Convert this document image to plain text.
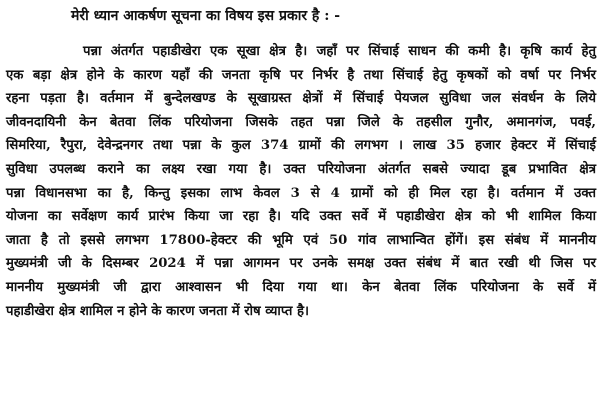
मेरी ध्यान आकर्षण सूचना का विषय इस प्रकार है : -
पन्ना अंतर्गत पहाडीखेरा एक सूखा क्षेत्र है। जहाँ पर सिंचाई साधन की कमी है। कृषि कार्य हेतु
एक बड़ा क्षेत्र होने के कारण यहाँ की जनता कृषि पर निर्भर है तथा सिंचाई हेतु कृषकों को वर्षा पर निर्भर
रहना पड़ता है। वर्तमान में बुन्देलखण्ड के सूखाग्रस्त क्षेत्रों में सिंचाई पेयजल सुविधा जल संवर्धन के लिये
जीवनदायिनी केन बेतवा लिंक परियोजना जिसके तहत पन्ना जिले के तहसील गुनौर, अमानगंज, पवई,
सिमरिया, रैपुरा, देवेन्द्रनगर तथा पन्ना के कुल 374 ग्रामों की लगभग । लाख 35 हजार हेक्टर में सिंचाई
सुविधा उपलब्ध कराने का लक्ष्य रखा गया है। उक्त परियोजना अंतर्गत सबसे ज्यादा डूब प्रभावित क्षेत्र
पन्ना विधानसभा का है, किन्तु इसका लाभ केवल 3 से 4 ग्रामों को ही मिल रहा है। वर्तमान में उक्त
योजना का सर्वेक्षण कार्य प्रारंभ किया जा रहा है। यदि उक्त सर्वे में पहाडीखेरा क्षेत्र को भी शामिल किया
जाता है तो इससे लगभग 17800-हेक्टर की भूमि एवं 50 गांव लाभान्वित होंगें। इस संबंध में माननीय
मुख्यमंत्री जी के दिसम्बर 2024 में पन्ना आगमन पर उनके समक्ष उक्त संबंध में बात रखी थी जिस पर
माननीय मुख्यमंत्री जी द्वारा आश्वासन भी दिया गया था। केन बेतवा लिंक परियोजना के सर्वे में
पहाडीखेरा क्षेत्र शामिल न होने के कारण जनता में रोष व्याप्त है।
